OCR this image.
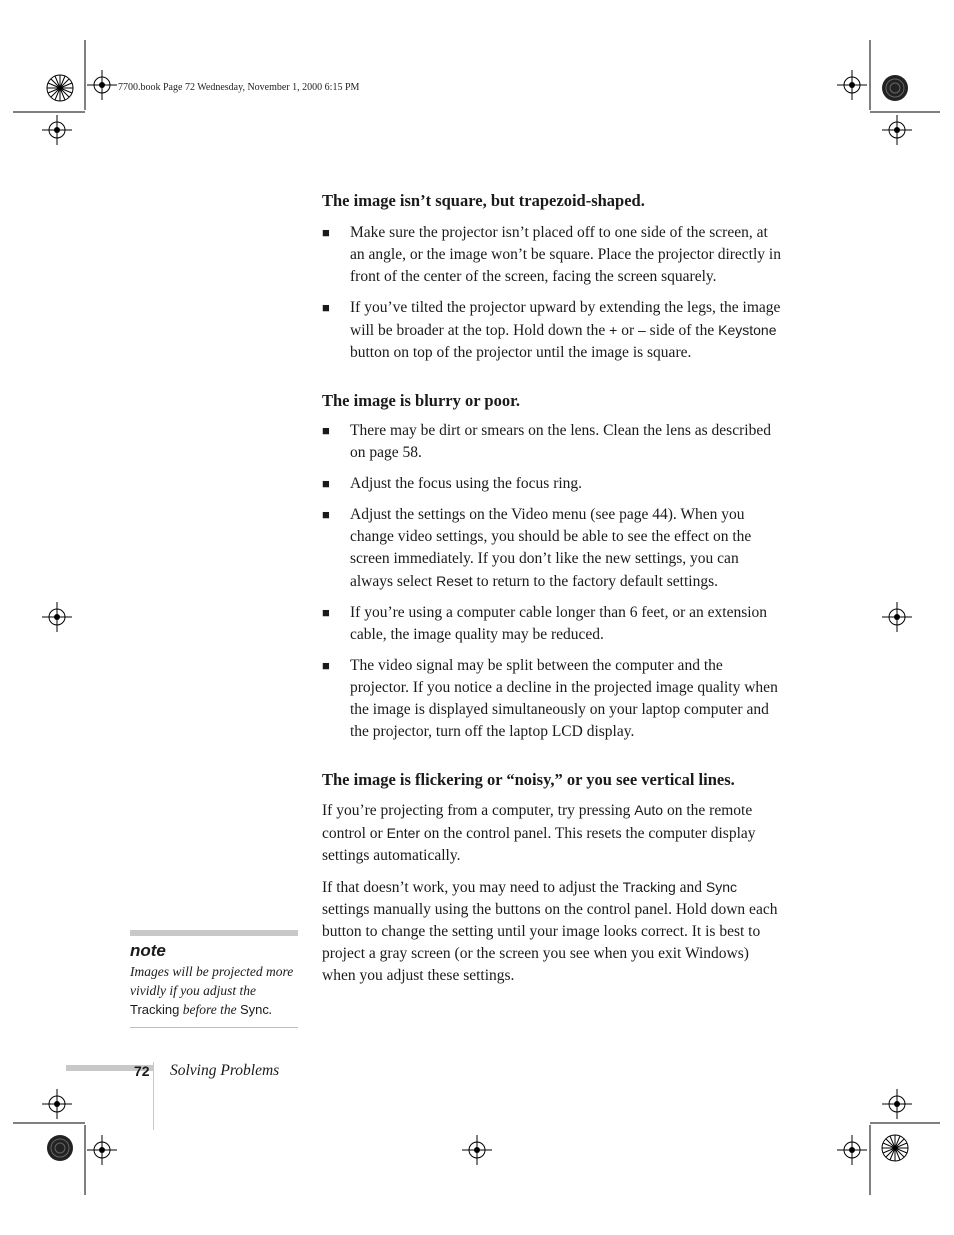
7700.book Page 72 Wednesday, November 1, 2000 6:15 PM
The image isn’t square, but trapezoid-shaped.

■ Make sure the projector isn’t placed off to one side of the screen, at an angle, or the image won’t be square. Place the projector directly in front of the center of the screen, facing the screen squarely.

■ If you’ve tilted the projector upward by extending the legs, the image will be broader at the top. Hold down the + or – side of the Keystone button on top of the projector until the image is square.

The image is blurry or poor.

■ There may be dirt or smears on the lens. Clean the lens as described on page 58.

■ Adjust the focus using the focus ring.

■ Adjust the settings on the Video menu (see page 44). When you change video settings, you should be able to see the effect on the screen immediately. If you don’t like the new settings, you can always select Reset to return to the factory default settings.

■ If you’re using a computer cable longer than 6 feet, or an extension cable, the image quality may be reduced.

■ The video signal may be split between the computer and the projector. If you notice a decline in the projected image quality when the image is displayed simultaneously on your laptop computer and the projector, turn off the laptop LCD display.

The image is flickering or “noisy,” or you see vertical lines.

If you’re projecting from a computer, try pressing Auto on the remote control or Enter on the control panel. This resets the computer display settings automatically.

If that doesn’t work, you may need to adjust the Tracking and Sync settings manually using the buttons on the control panel. Hold down each button to change the setting until your image looks correct. It is best to project a gray screen (or the screen you see when you exit Windows) when you adjust these settings.

note
Images will be projected more vividly if you adjust the Tracking before the Sync.
72 Solving Problems
